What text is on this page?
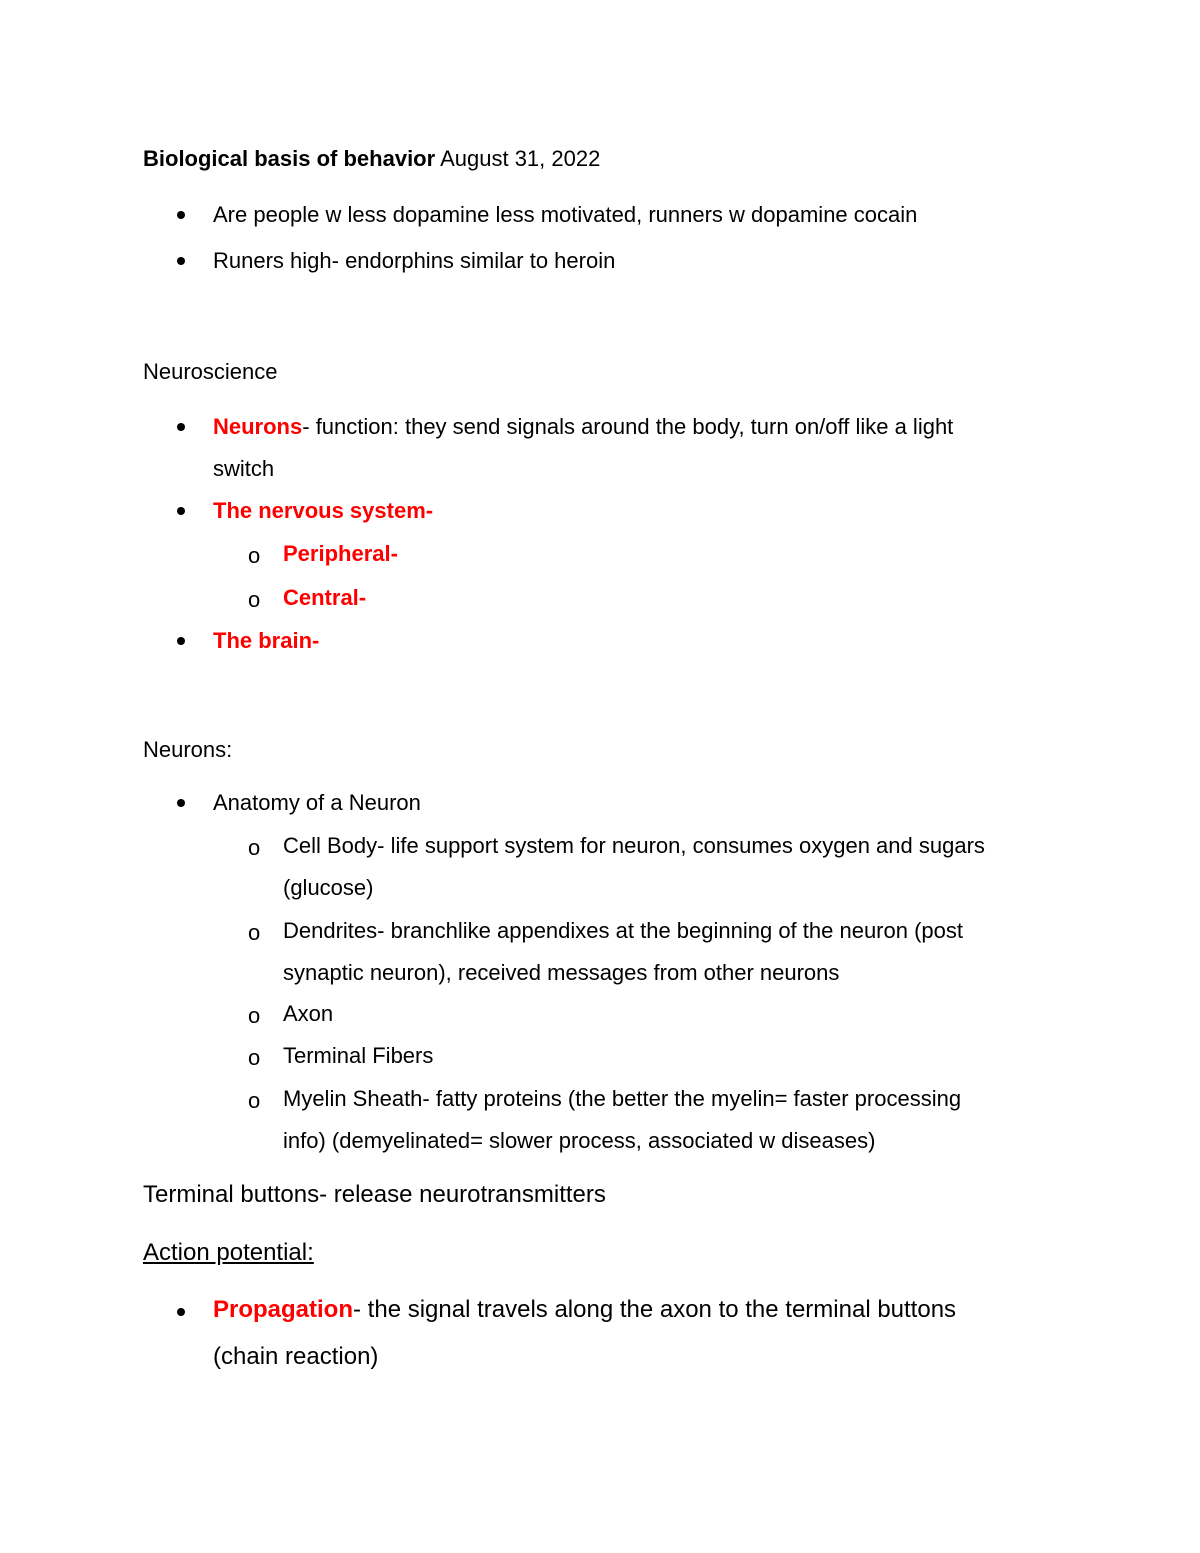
Biological basis of behavior August 31, 2022
Are people w less dopamine less motivated, runners w dopamine cocain
Runers high- endorphins similar to heroin
Neuroscience
Neurons- function: they send signals around the body, turn on/off like a light
switch
The nervous system-
o Peripheral-
o Central-
The brain-
Neurons:
Anatomy of a Neuron
o Cell Body- life support system for neuron, consumes oxygen and sugars
(glucose)
o Dendrites- branchlike appendixes at the beginning of the neuron (post
synaptic neuron), received messages from other neurons
o Axon
o Terminal Fibers
o Myelin Sheath- fatty proteins (the better the myelin= faster processing
info) (demyelinated= slower process, associated w diseases)
Terminal buttons- release neurotransmitters
Action potential:
Propagation- the signal travels along the axon to the terminal buttons
(chain reaction)
